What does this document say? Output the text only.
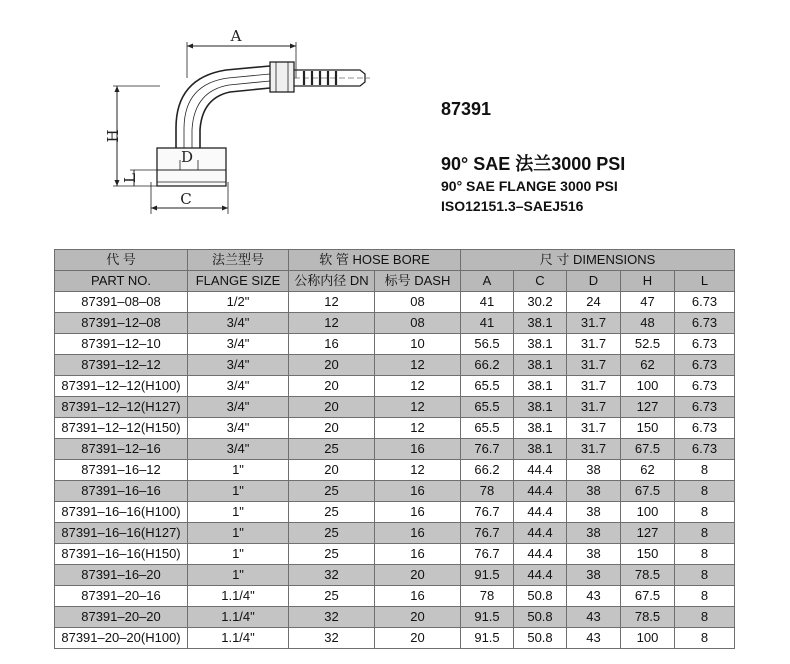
A
H
D
L
C
87391
90° SAE 法兰3000 PSI
90° SAE FLANGE 3000 PSI
ISO12151.3–SAEJ516
代 号	法兰型号	软 管 HOSE BORE		尺 寸 DIMENSIONS				
PART NO.	FLANGE SIZE	公称内径 DN	标号 DASH	A	C	D	H	L
87391–08–08	1/2"	12	08	41	30.2	24	47	6.73
87391–12–08	3/4"	12	08	41	38.1	31.7	48	6.73
87391–12–10	3/4"	16	10	56.5	38.1	31.7	52.5	6.73
87391–12–12	3/4"	20	12	66.2	38.1	31.7	62	6.73
87391–12–12(H100)	3/4"	20	12	65.5	38.1	31.7	100	6.73
87391–12–12(H127)	3/4"	20	12	65.5	38.1	31.7	127	6.73
87391–12–12(H150)	3/4"	20	12	65.5	38.1	31.7	150	6.73
87391–12–16	3/4"	25	16	76.7	38.1	31.7	67.5	6.73
87391–16–12	1"	20	12	66.2	44.4	38	62	8
87391–16–16	1"	25	16	78	44.4	38	67.5	8
87391–16–16(H100)	1"	25	16	76.7	44.4	38	100	8
87391–16–16(H127)	1"	25	16	76.7	44.4	38	127	8
87391–16–16(H150)	1"	25	16	76.7	44.4	38	150	8
87391–16–20	1"	32	20	91.5	44.4	38	78.5	8
87391–20–16	1.1/4"	25	16	78	50.8	43	67.5	8
87391–20–20	1.1/4"	32	20	91.5	50.8	43	78.5	8
87391–20–20(H100)	1.1/4"	32	20	91.5	50.8	43	100	8
